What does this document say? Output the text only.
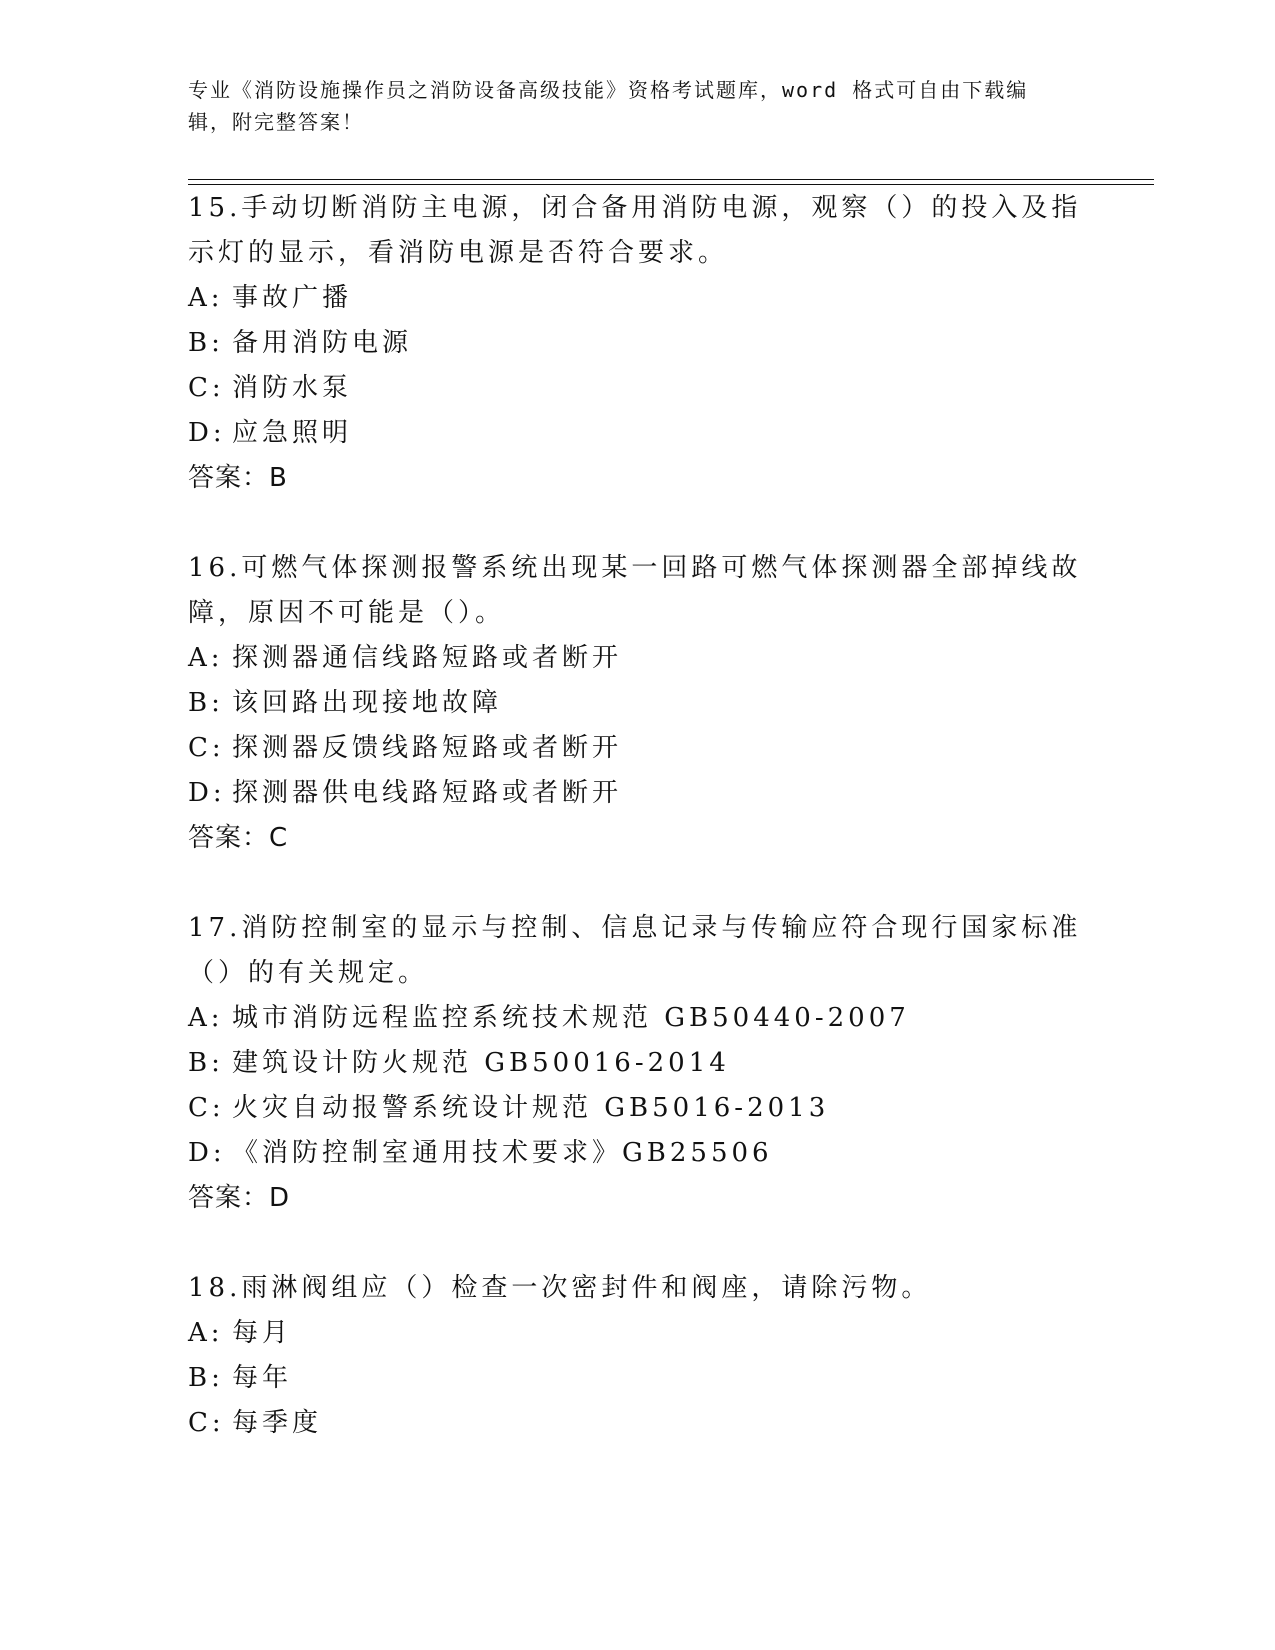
专业《消防设施操作员之消防设备高级技能》资格考试题库，word 格式可自由下载编辑，附完整答案！

15.手动切断消防主电源，闭合备用消防电源，观察（）的投入及指示灯的显示，看消防电源是否符合要求。

A: 事故广播
B: 备用消防电源
C: 消防水泵
D: 应急照明
答案：B

16.可燃气体探测报警系统出现某一回路可燃气体探测器全部掉线故障，原因不可能是（）。

A: 探测器通信线路短路或者断开
B: 该回路出现接地故障
C: 探测器反馈线路短路或者断开
D: 探测器供电线路短路或者断开
答案：C

17.消防控制室的显示与控制、信息记录与传输应符合现行国家标准（）的有关规定。

A: 城市消防远程监控系统技术规范 GB50440-2007
B: 建筑设计防火规范 GB50016-2014
C: 火灾自动报警系统设计规范 GB5016-2013
D: 《消防控制室通用技术要求》GB25506
答案：D

18.雨淋阀组应（）检查一次密封件和阀座，请除污物。

A: 每月
B: 每年
C: 每季度
